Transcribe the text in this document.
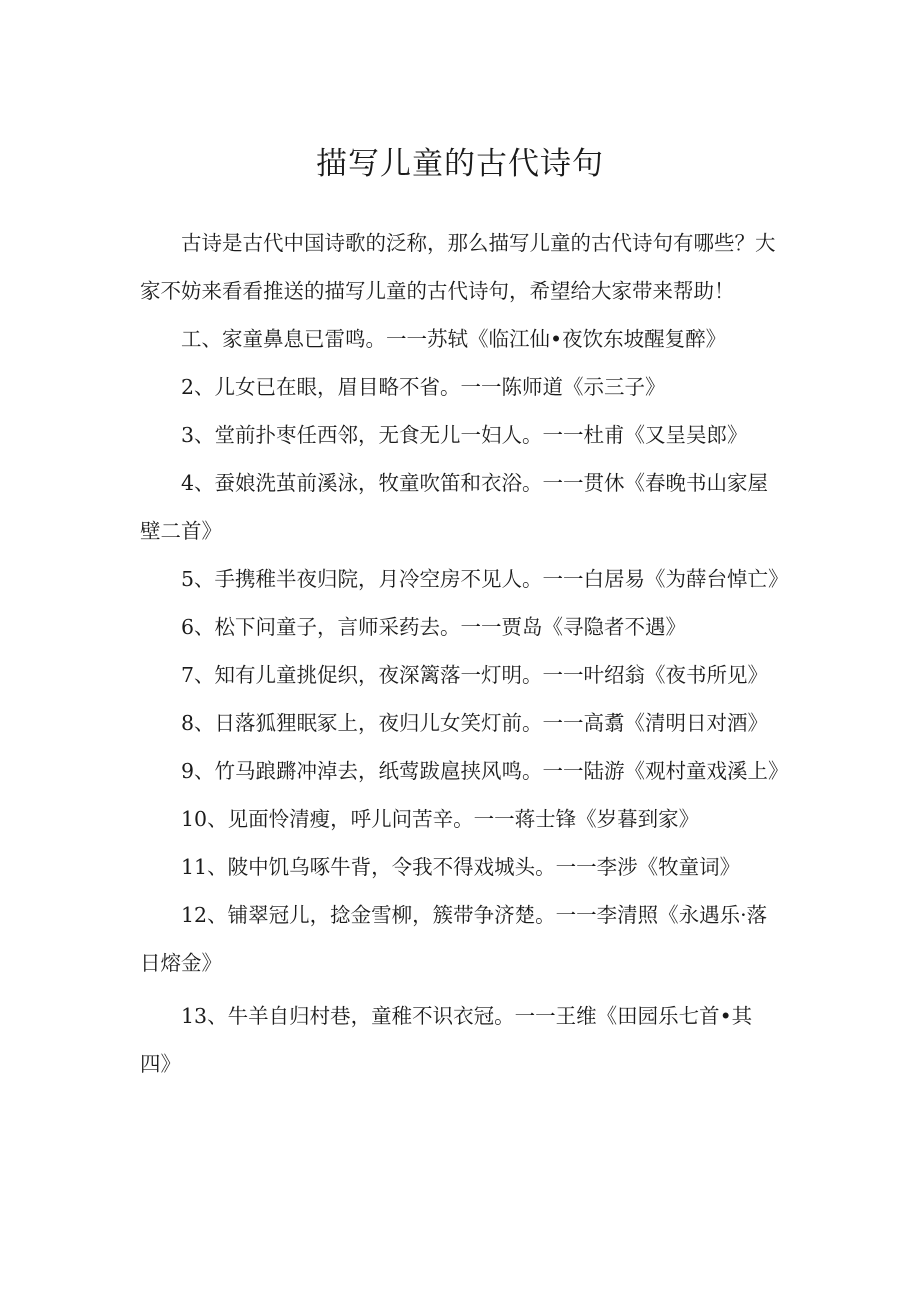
描写儿童的古代诗句

古诗是古代中国诗歌的泛称，那么描写儿童的古代诗句有哪些？大家不妨来看看推送的描写儿童的古代诗句，希望给大家带来帮助！

工、家童鼻息已雷鸣。一一苏轼《临江仙•夜饮东坡醒复醉》

2、儿女已在眼，眉目略不省。一一陈师道《示三子》

3、堂前扑枣任西邻，无食无儿一妇人。一一杜甫《又呈吴郎》

4、蚕娘洗茧前溪泳，牧童吹笛和衣浴。一一贯休《春晚书山家屋壁二首》

5、手携稚半夜归院，月冷空房不见人。一一白居易《为薛台悼亡》

6、松下问童子，言师采药去。一一贾岛《寻隐者不遇》

7、知有儿童挑促织，夜深篱落一灯明。一一叶绍翁《夜书所见》

8、日落狐狸眠冢上，夜归儿女笑灯前。一一高翥《清明日对酒》

9、竹马踉蹡冲淖去，纸莺跋扈挟风鸣。一一陆游《观村童戏溪上》

10、见面怜清瘦，呼儿问苦辛。一一蒋士锋《岁暮到家》

11、陂中饥乌啄牛背，令我不得戏城头。一一李涉《牧童词》

12、铺翠冠儿，捻金雪柳，簇带争济楚。一一李清照《永遇乐·落日熔金》

13、牛羊自归村巷，童稚不识衣冠。一一王维《田园乐七首•其四》
